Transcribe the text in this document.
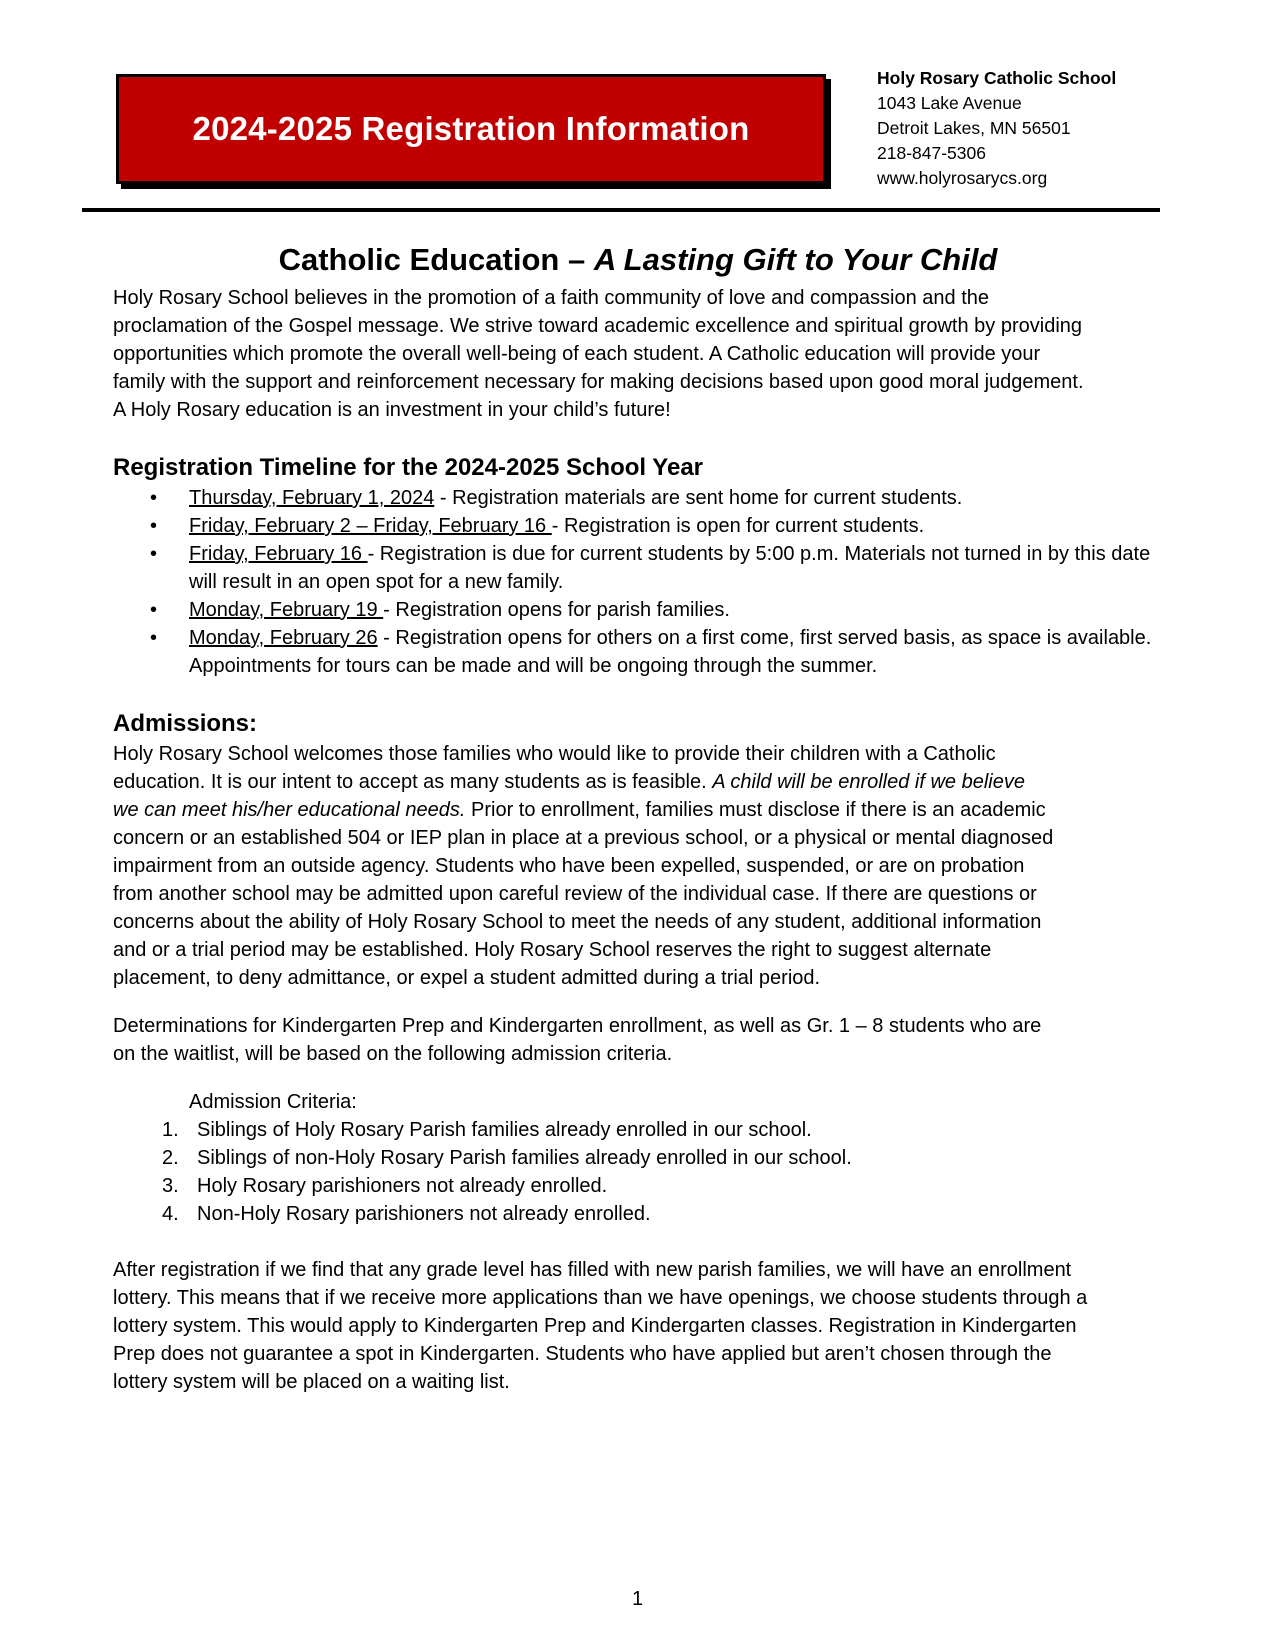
2024-2025 Registration Information
Holy Rosary Catholic School
1043 Lake Avenue
Detroit Lakes, MN 56501
218-847-5306
www.holyrosarycs.org
Catholic Education – A Lasting Gift to Your Child

Holy Rosary School believes in the promotion of a faith community of love and compassion and the
proclamation of the Gospel message. We strive toward academic excellence and spiritual growth by providing
opportunities which promote the overall well-being of each student. A Catholic education will provide your
family with the support and reinforcement necessary for making decisions based upon good moral judgement.
A Holy Rosary education is an investment in your child’s future!

Registration Timeline for the 2024-2025 School Year
• Thursday, February 1, 2024 - Registration materials are sent home for current students.
• Friday, February 2 – Friday, February 16 - Registration is open for current students.
• Friday, February 16 - Registration is due for current students by 5:00 p.m. Materials not turned in by this date will result in an open spot for a new family.
• Monday, February 19 - Registration opens for parish families.
• Monday, February 26 - Registration opens for others on a first come, first served basis, as space is available. Appointments for tours can be made and will be ongoing through the summer.
Admissions:

Holy Rosary School welcomes those families who would like to provide their children with a Catholic
education. It is our intent to accept as many students as is feasible. A child will be enrolled if we believe
we can meet his/her educational needs. Prior to enrollment, families must disclose if there is an academic
concern or an established 504 or IEP plan in place at a previous school, or a physical or mental diagnosed
impairment from an outside agency. Students who have been expelled, suspended, or are on probation
from another school may be admitted upon careful review of the individual case. If there are questions or
concerns about the ability of Holy Rosary School to meet the needs of any student, additional information
and or a trial period may be established. Holy Rosary School reserves the right to suggest alternate
placement, to deny admittance, or expel a student admitted during a trial period.

Determinations for Kindergarten Prep and Kindergarten enrollment, as well as Gr. 1 – 8 students who are
on the waitlist, will be based on the following admission criteria.

Admission Criteria:
1. Siblings of Holy Rosary Parish families already enrolled in our school.
2. Siblings of non-Holy Rosary Parish families already enrolled in our school.
3. Holy Rosary parishioners not already enrolled.
4. Non-Holy Rosary parishioners not already enrolled.

After registration if we find that any grade level has filled with new parish families, we will have an enrollment
lottery. This means that if we receive more applications than we have openings, we choose students through a
lottery system. This would apply to Kindergarten Prep and Kindergarten classes. Registration in Kindergarten
Prep does not guarantee a spot in Kindergarten. Students who have applied but aren’t chosen through the
lottery system will be placed on a waiting list.

1
